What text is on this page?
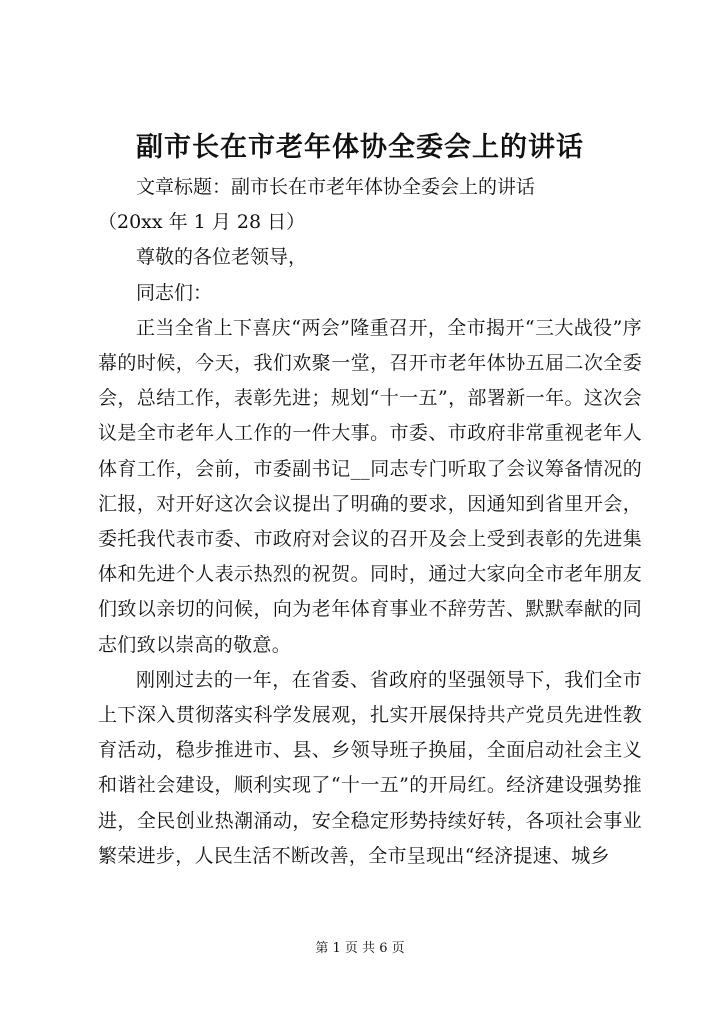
副市长在市老年体协全委会上的讲话

文章标题：副市长在市老年体协全委会上的讲话

（20xx 年 1 月 28 日）

尊敬的各位老领导，

同志们：

正当全省上下喜庆“两会”隆重召开，全市揭开“三大战役”序幕的时候，今天，我们欢聚一堂，召开市老年体协五届二次全委会，总结工作，表彰先进；规划“十一五”，部署新一年。这次会议是全市老年人工作的一件大事。市委、市政府非常重视老年人体育工作，会前，市委副书记__同志专门听取了会议筹备情况的汇报，对开好这次会议提出了明确的要求，因通知到省里开会，委托我代表市委、市政府对会议的召开及会上受到表彰的先进集体和先进个人表示热烈的祝贺。同时，通过大家向全市老年朋友们致以亲切的问候，向为老年体育事业不辞劳苦、默默奉献的同志们致以崇高的敬意。

刚刚过去的一年，在省委、省政府的坚强领导下，我们全市上下深入贯彻落实科学发展观，扎实开展保持共产党员先进性教育活动，稳步推进市、县、乡领导班子换届，全面启动社会主义和谐社会建设，顺利实现了“十一五”的开局红。经济建设强势推进，全民创业热潮涌动，安全稳定形势持续好转，各项社会事业繁荣进步，人民生活不断改善，全市呈现出“经济提速、城乡

第 1 页 共 6 页
